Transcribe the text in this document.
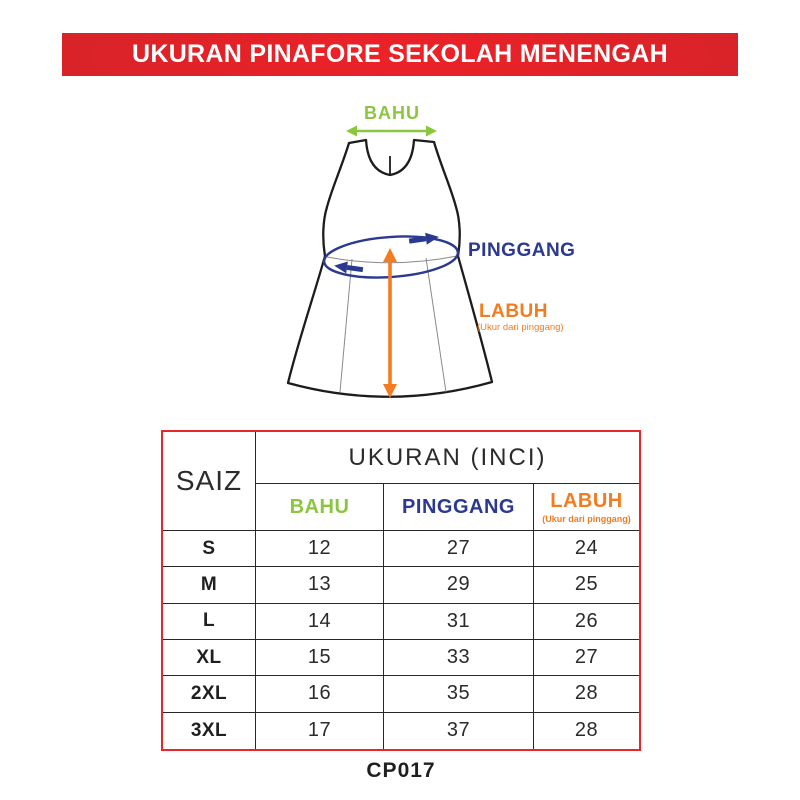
UKURAN PINAFORE SEKOLAH MENENGAH
BAHU
PINGGANG
LABUH
(Ukur dari pinggang)
SAIZ
UKURAN (INCI)
BAHU	PINGGANG LABUH
(Ukur dari pinggang)
S	12	27	24
M	13	29	25
L	14	31	26
XL	15	33	27
2XL	16	35	28
3XL	17	37	28
CP017
